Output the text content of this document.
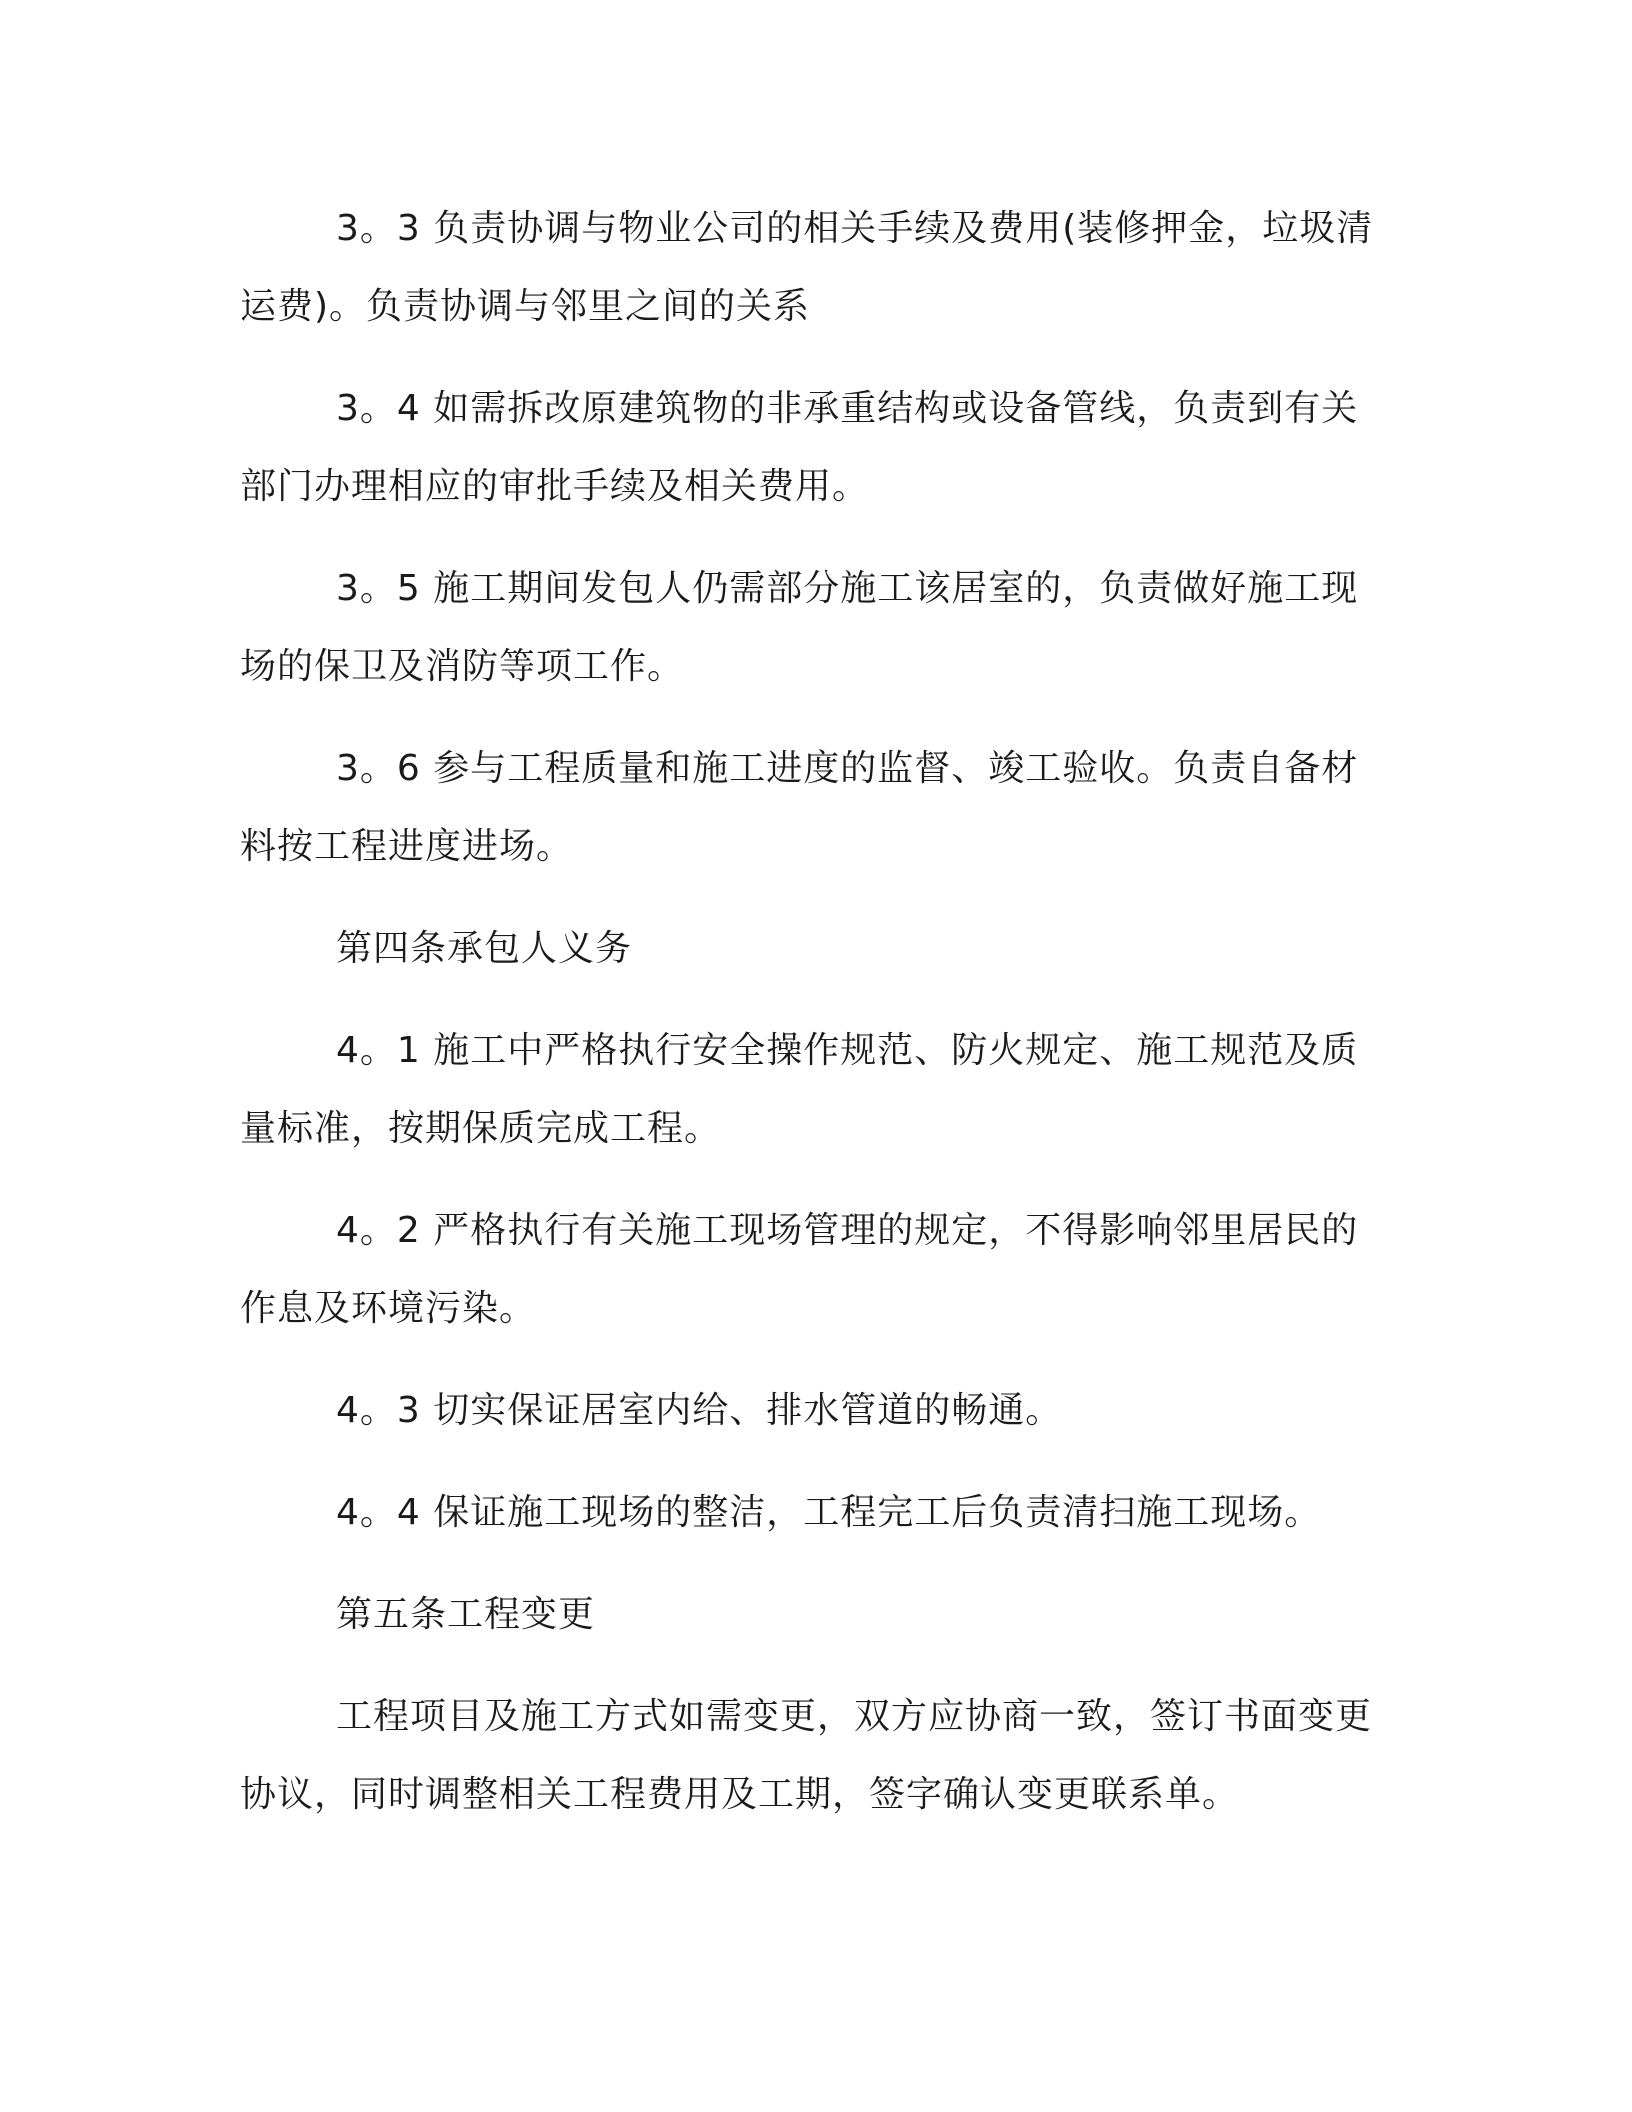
3。3 负责协调与物业公司的相关手续及费用(装修押金，垃圾清运费)。负责协调与邻里之间的关系

3。4 如需拆改原建筑物的非承重结构或设备管线，负责到有关部门办理相应的审批手续及相关费用。

3。5 施工期间发包人仍需部分施工该居室的，负责做好施工现场的保卫及消防等项工作。

3。6 参与工程质量和施工进度的监督、竣工验收。负责自备材料按工程进度进场。

第四条承包人义务

4。1 施工中严格执行安全操作规范、防火规定、施工规范及质量标准，按期保质完成工程。

4。2 严格执行有关施工现场管理的规定，不得影响邻里居民的作息及环境污染。

4。3 切实保证居室内给、排水管道的畅通。

4。4 保证施工现场的整洁，工程完工后负责清扫施工现场。

第五条工程变更

工程项目及施工方式如需变更，双方应协商一致，签订书面变更协议，同时调整相关工程费用及工期，签字确认变更联系单。
